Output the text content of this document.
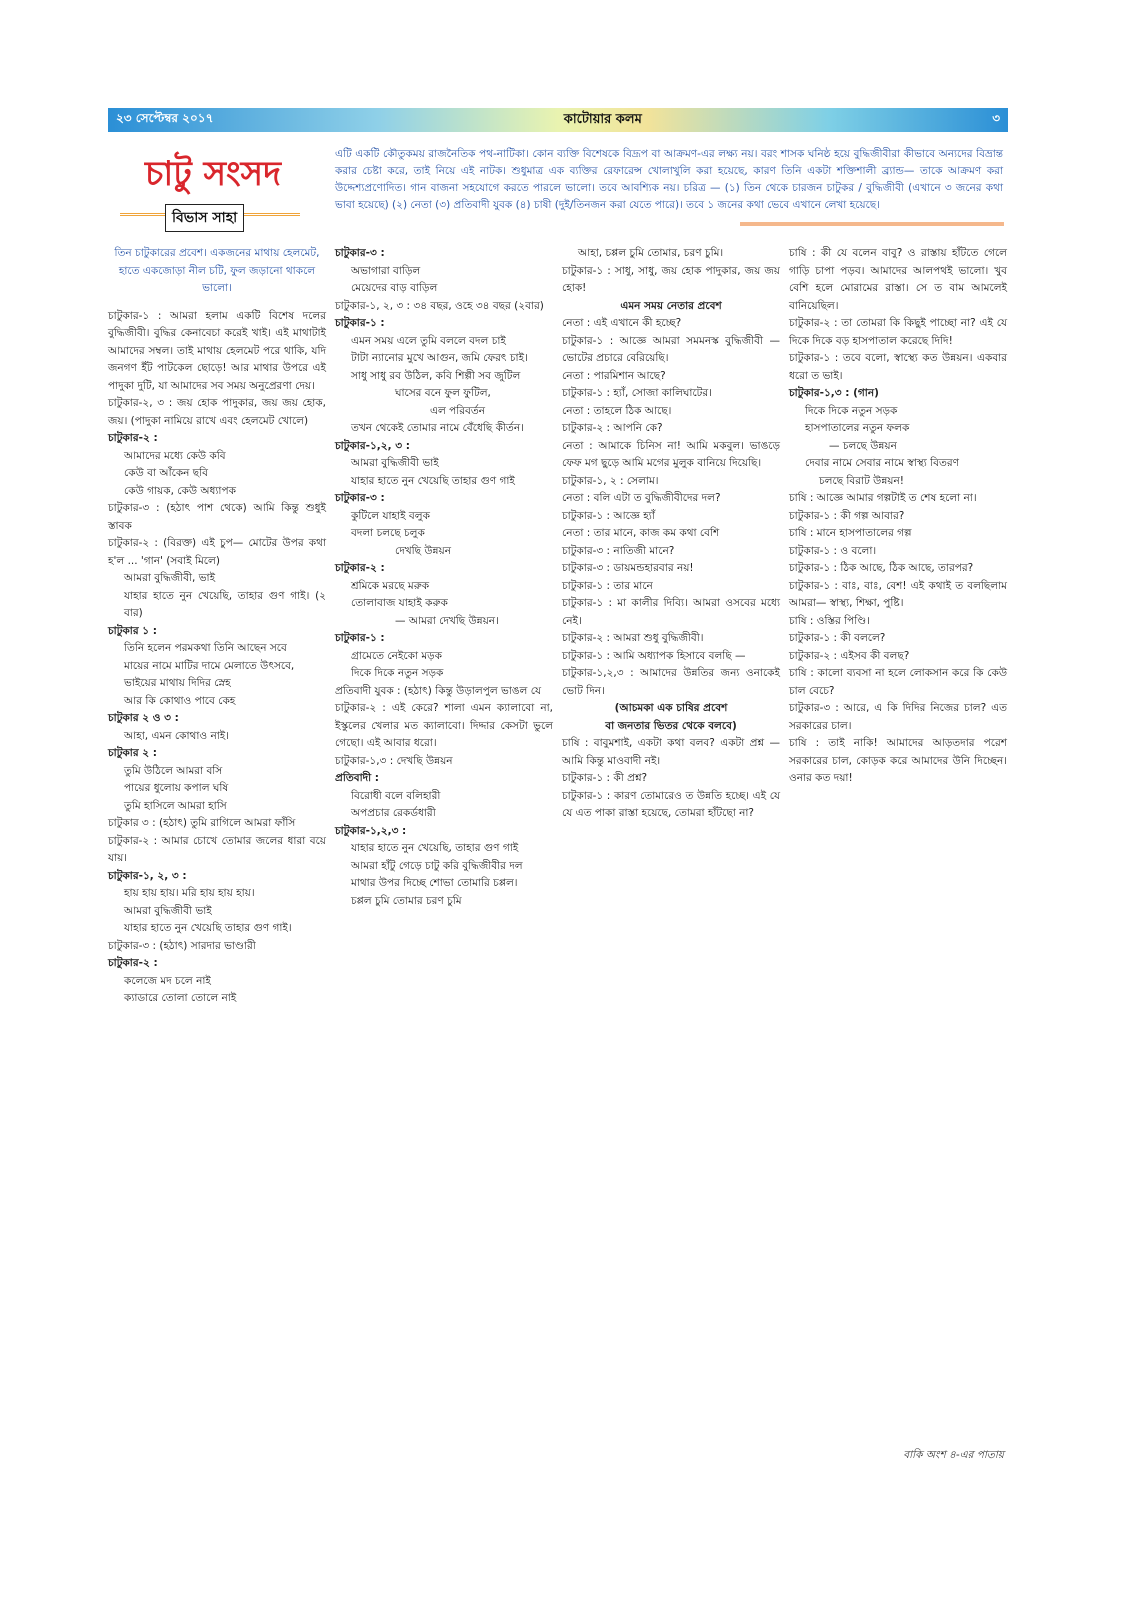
২৩ সেপ্টেম্বর ২০১৭	কাটোয়ার কলম	৩
চাটু সংসদ
বিভাস সাহা
এটি একটি কৌতুকময় রাজনৈতিক পথ-নাটিকা। কোন ব্যক্তি বিশেষকে বিদ্রূপ বা আক্রমণ-এর লক্ষ্য নয়। বরং শাসক ঘনিষ্ঠ হয়ে বুদ্ধিজীবীরা কীভাবে অন্যদের বিভ্রান্ত করার চেষ্টা করে, তাই নিয়ে এই নাটক। শুধুমাত্র এক ব্যক্তির রেফারেন্স খোলাখুলি করা হয়েছে, কারণ তিনি একটা শক্তিশালী ব্র্যান্ড— তাকে আক্রমণ করা উদ্দেশ্যপ্রণোদিত। গান বাজনা সহযোগে করতে পারলে ভালো। তবে আবশ্যিক নয়। চরিত্র — (১) তিন থেকে চারজন চাটুকর / বুদ্ধিজীবী (এখানে ৩ জনের কথা ভাবা হয়েছে) (২) নেতা (৩) প্রতিবাদী যুবক (৪) চাষী (দুই/তিনজন করা যেতে পারে)। তবে ১ জনের কথা ভেবে এখানে লেখা হয়েছে।

তিন চাটুকারের প্রবেশ। একজনের মাথায় হেলমেট, হাতে একজোড়া নীল চটি, ফুল জড়ানো থাকলে ভালো।

চাটুকার-১ : আমরা হলাম একটি বিশেষ দলের বুদ্ধিজীবী। বুদ্ধির কেনাবেচা করেই খাই। এই মাথাটাই আমাদের সম্বল। তাই মাথায় হেলমেট পরে থাকি, যদি জনগণ ইঁট পাটকেল ছোড়ে! আর মাথার উপরে এই পাদুকা দুটি, যা আমাদের সব সময় অনুপ্রেরণা দেয়।

চাটুকার-২, ৩ : জয় হোক পাদুকার, জয় জয় হোক, জয়। (পাদুকা নামিয়ে রাখে এবং হেলমেট খোলে)

চাটুকার-২ :

আমাদের মধ্যে কেউ কবি

কেউ বা আঁকেন ছবি

কেউ গায়ক, কেউ অধ্যাপক

চাটুকার-৩ : (হঠাৎ পাশ থেকে) আমি কিন্তু শুধুই স্তাবক

চাটুকার-২ : (বিরক্ত) এই চুপ— মোটের উপর কথা হ'ল ... 'গান' (সবাই মিলে)

আমরা বুদ্ধিজীবী, ভাই

যাহার হাতে নুন খেয়েছি, তাহার গুণ গাই। (২ বার)

চাটুকার ১ :

তিনি হলেন পরমকথা তিনি আছেন সবে

মায়ের নামে মাটির দামে মেলাতে উৎসবে,

ভাইয়ের মাথায় দিদির স্নেহ

আর কি কোথাও পাবে কেহ

চাটুকার ২ ও ৩ :

আহা, এমন কোথাও নাই।

চাটুকার ২ :

তুমি উঠিলে আমরা বসি

পায়ের ধুলোয় কপাল ঘষি

তুমি হাসিলে আমরা হাসি

চাটুকার ৩ : (হঠাৎ) তুমি রাগিলে আমরা ফাঁসি

চাটুকার-২ : আমার চোখে তোমার জলের ধারা বয়ে যায়।

চাটুকার-১, ২, ৩ :

হায় হায় হায়। মরি হায় হায় হায়।

আমরা বুদ্ধিজীবী ভাই

যাহার হাতে নুন খেয়েছি তাহার গুণ গাই।

চাটুকার-৩ : (হঠাৎ) সারদার ভাণ্ডারী

চাটুকার-২ :

কলেজে মদ চলে নাই

ক্যাডারে তোলা তোলে নাই

চাটুকার-৩ :

অভাগারা বাড়িল

মেয়েদের বাড় বাড়িল

চাটুকার-১, ২, ৩ : ৩৪ বছর, ওহে ৩৪ বছর (২বার)

চাটুকার-১ :

এমন সময় এলে তুমি বললে বদল চাই

টাটা ন্যানোর মুখে আগুন, জমি ফেরৎ চাই।

সাধু সাধু রব উঠিল, কবি শিল্পী সব জুটিল

ঘাসের বনে ফুল ফুটিল,

এল পরিবর্তন

তখন থেকেই তোমার নামে বেঁধেছি কীর্তন।

চাটুকার-১,২, ৩ :

আমরা বুদ্ধিজীবী ভাই

যাহার হাতে নুন খেয়েছি তাহার গুণ গাই

চাটুকার-৩ :

কুটিলে যাহাই বলুক

বদলা চলছে চলুক

দেখছি উন্নয়ন

চাটুকার-২ :

শ্রমিকে মরছে মরুক

তোলাবাজ যাহাই করুক

— আমরা দেখছি উন্নয়ন।

চাটুকার-১ :

গ্রামেতে নেইকো মড়ক

দিকে দিকে নতুন সড়ক

প্রতিবাদী যুবক : (হঠাৎ) কিন্তু উড়ালপুল ভাঙল যে

চাটুকার-২ : এই কেরে? শালা এমন ক্যালাবো না, ইস্কুলের খেলার মত ক্যালাবো। দিদ্দার কেসটা ভুলে গেছো। এই আবার ধরো।

চাটুকার-১,৩ : দেখছি উন্নয়ন

প্রতিবাদী :

বিরোধী বলে বলিহারী

অপপ্রচার রেকর্ডধারী

চাটুকার-১,২,৩ :

যাহার হাতে নুন খেয়েছি, তাহার গুণ গাই

আমরা হাঁটু গেড়ে চাটু করি বুদ্ধিজীবীর দল

মাথার উপর দিচ্ছে শোভা তোমারি চপ্পল।

চপ্পল চুমি তোমার চরণ চুমি

আহা, চপ্পল চুমি তোমার, চরণ চুমি।

চাটুকার-১ : সাধু, সাধু, জয় হোক পাদুকার, জয় জয় হোক!

এমন সময় নেতার প্রবেশ

নেতা : এই এখানে কী হচ্ছে?

চাটুকার-১ : আজ্ঞে আমরা সমমনস্ক বুদ্ধিজীবী — ভোটের প্রচারে বেরিয়েছি।

নেতা : পারমিশান আছে?

চাটুকার-১ : হ্যাঁ, সোজা কালিঘাটের।

নেতা : তাহলে ঠিক আছে।

চাটুকার-২ : আপনি কে?

নেতা : আমাকে চিনিস না! আমি মকবুল। ভাঙড়ে ফেফ মগ ছুড়ে আমি মগের মুলুক বানিয়ে দিয়েছি।

চাটুকার-১, ২ : সেলাম।

নেতা : বলি এটা ত বুদ্ধিজীবীদের দল?

চাটুকার-১ : আজ্ঞে হ্যাঁ

নেতা : তার মানে, কাজ কম কথা বেশি

চাটুকার-৩ : নাতিজী মানে?

চাটুকার-৩ : ডায়মন্ডহারবার নয়!

চাটুকার-১ : তার মানে

চাটুকার-১ : মা কালীর দিব্যি। আমরা ওসবের মধ্যে নেই।

চাটুকার-২ : আমরা শুধু বুদ্ধিজীবী।

চাটুকার-১ : আমি অধ্যাপক হিসাবে বলছি —

চাটুকার-১,২,৩ : আমাদের উন্নতির জন্য ওনাকেই ভোট দিন।

(আচমকা এক চাষির প্রবেশ

বা জনতার ভিতর থেকে বলবে)

চাষি : বাবুমশাই, একটা কথা বলব? একটা প্রশ্ন — আমি কিন্তু মাওবাদী নই।

চাটুকার-১ : কী প্রশ্ন?

চাটুকার-১ : কারণ তোমারেও ত উন্নতি হচ্ছে। এই যে যে এত পাকা রাস্তা হয়েছে, তোমরা হাঁটছো না?

চাষি : কী যে বলেন বাবু? ও রাস্তায় হাঁটতে গেলে গাড়ি চাপা পড়ব। আমাদের আলপথই ভালো। খুব বেশি হলে মোরামের রাস্তা। সে ত বাম আমলেই বানিয়েছিল।

চাটুকার-২ : তা তোমরা কি কিছুই পাচ্ছো না? এই যে দিকে দিকে বড় হাসপাতাল করেছে দিদি!

চাটুকার-১ : তবে বলো, স্বাস্থ্যে কত উন্নয়ন। একবার ধরো ত ভাই।

চাটুকার-১,৩ : (গান)

দিকে দিকে নতুন সড়ক

হাসপাতালের নতুন ফলক

— চলছে উন্নয়ন

দেবার নামে সেবার নামে স্বাস্থ্য বিতরণ

চলছে বিরাট উন্নয়ন!

চাষি : আজ্ঞে আমার গল্পটাই ত শেষ হলো না।

চাটুকার-১ : কী গল্প আবার?

চাষি : মানে হাসপাতালের গল্প

চাটুকার-১ : ও বলো।

চাটুকার-১ : ঠিক আছে, ঠিক আছে, তারপর?

চাটুকার-১ : বাঃ, বাঃ, বেশ! এই কথাই ত বলছিলাম আমরা— স্বাস্থ্য, শিক্ষা, পুষ্টি।

চাষি : ওস্তির পিণ্ডি।

চাটুকার-১ : কী বললে?

চাটুকার-২ : এইসব কী বলছ?

চাষি : কালো ব্যবসা না হলে লোকসান করে কি কেউ চাল বেচে?

চাটুকার-৩ : আরে, এ কি দিদির নিজের চাল? এত সরকারের চাল।

চাষি : তাই নাকি! আমাদের আড়তদার পরেশ সরকারের চাল, কোড়ক করে আমাদের উনি দিচ্ছেন। ওনার কত দয়া!

বাকি অংশ ৪-এর পাতায়
